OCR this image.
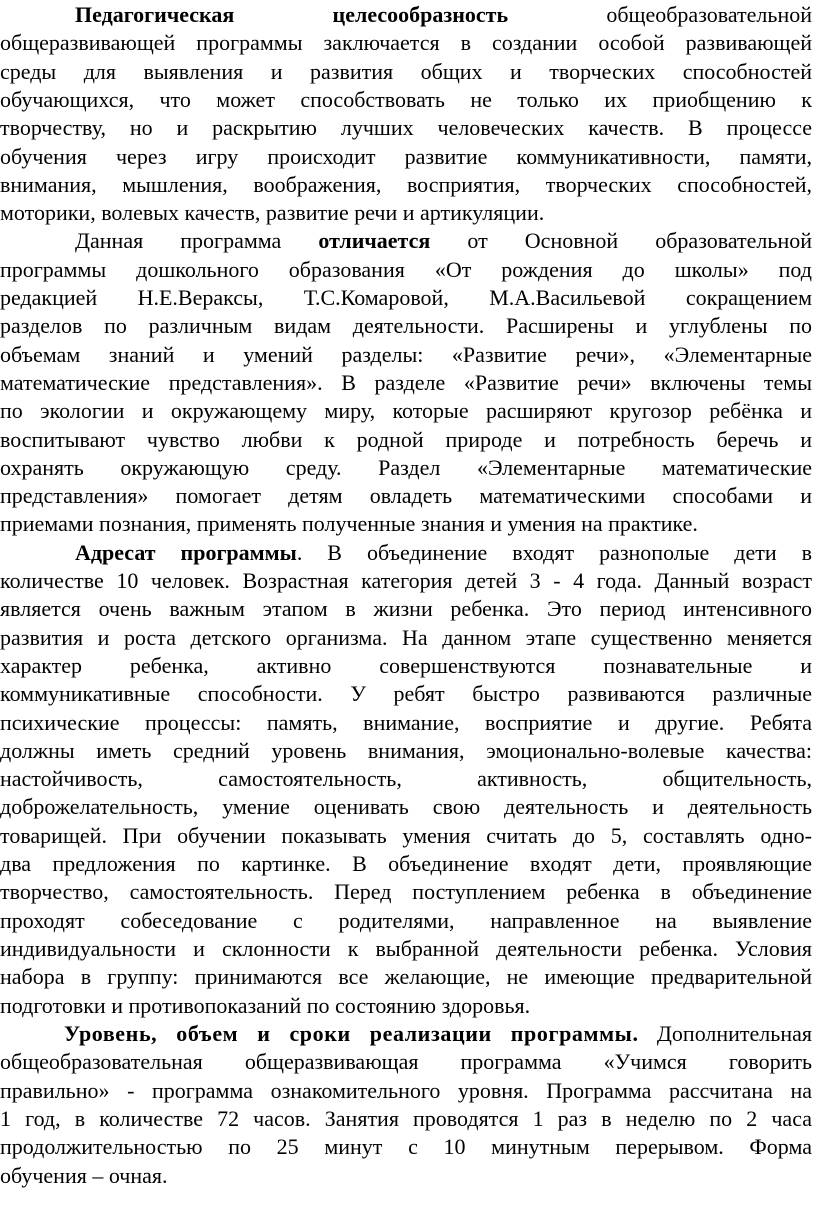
Педагогическая целесообразность	общеобразовательной
общеразвивающей программы заключается в создании особой развивающей
среды для выявления и развития общих и творческих способностей
обучающихся, что может способствовать не только их приобщению к
творчеству, но и раскрытию лучших человеческих качеств. В процессе
обучения через игру происходит развитие коммуникативности, памяти,
внимания, мышления, воображения, восприятия, творческих способностей,
моторики, волевых качеств, развитие речи и артикуляции.
Данная программа отличается от Основной образовательной
программы дошкольного образования «От рождения до школы» под
редакцией Н.Е.Вераксы, Т.С.Комаровой, М.А.Васильевой сокращением
разделов по различным видам деятельности. Расширены и углублены по
объемам знаний и умений разделы: «Развитие речи», «Элементарные
математические представления». В разделе «Развитие речи» включены темы
по экологии и окружающему миру, которые расширяют кругозор ребёнка и
воспитывают чувство любви к родной природе и потребность беречь и
охранять окружающую среду. Раздел «Элементарные математические
представления» помогает детям овладеть математическими способами и
приемами познания, применять полученные знания и умения на практике.
Адресат программы. В объединение входят разнополые дети в
количестве 10 человек. Возрастная категория детей 3 - 4 года. Данный возраст
является очень важным этапом в жизни ребенка. Это период интенсивного
развития и роста детского организма. На данном этапе существенно меняется
характер ребенка, активно совершенствуются познавательные и
коммуникативные способности. У ребят быстро развиваются различные
психические процессы: память, внимание, восприятие и другие. Ребята
должны иметь средний уровень внимания, эмоционально-волевые качества:
настойчивость, самостоятельность, активность, общительность,
доброжелательность, умение оценивать свою деятельность и деятельность
товарищей. При обучении показывать умения считать до 5, составлять одно-
два предложения по картинке. В объединение входят дети, проявляющие
творчество, самостоятельность. Перед поступлением ребенка в объединение
проходят собеседование с родителями, направленное на выявление
индивидуальности и склонности к выбранной деятельности ребенка. Условия
набора в группу: принимаются все желающие, не имеющие предварительной
подготовки и противопоказаний по состоянию здоровья.
Уровень, объем и сроки реализации программы. Дополнительная
общеобразовательная общеразвивающая программа «Учимся говорить
правильно» - программа ознакомительного уровня. Программа рассчитана на
1 год, в количестве 72 часов. Занятия проводятся 1 раз в неделю по 2 часа
продолжительностью по 25 минут с 10 минутным перерывом. Форма
обучения – очная.
